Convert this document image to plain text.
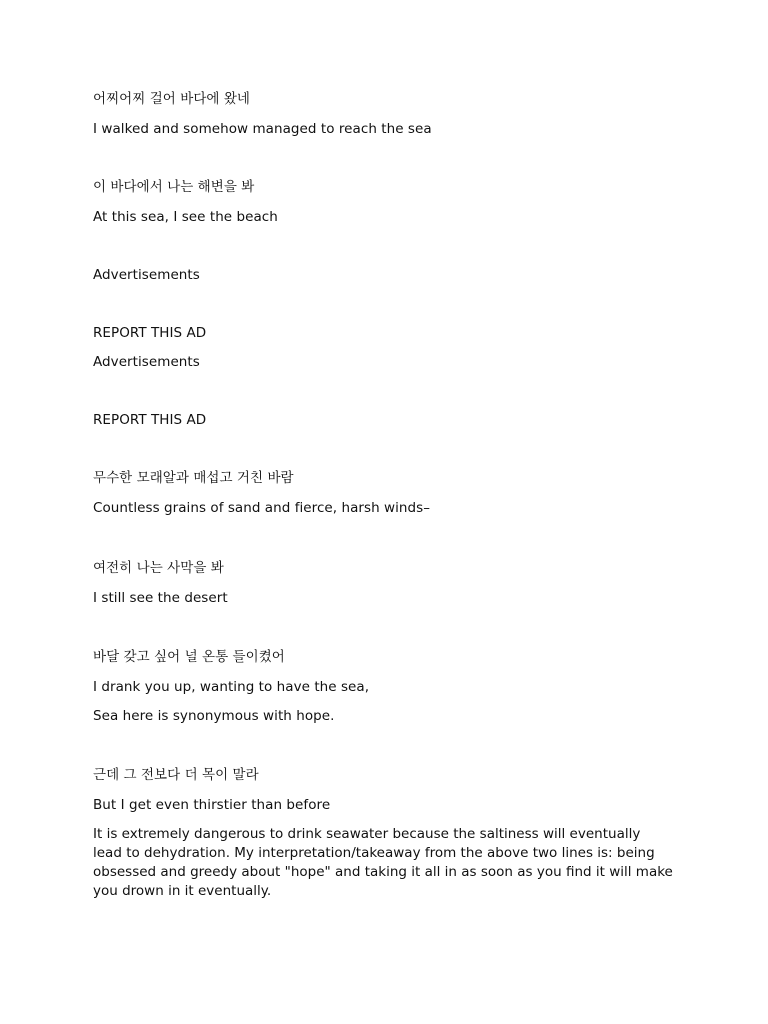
어찌어찌 걸어 바다에 왔네

I walked and somehow managed to reach the sea

이 바다에서 나는 해변을 봐

At this sea, I see the beach

Advertisements

REPORT THIS AD

Advertisements

REPORT THIS AD

무수한 모래알과 매섭고 거친 바람

Countless grains of sand and fierce, harsh winds–

여전히 나는 사막을 봐

I still see the desert

바달 갖고 싶어 널 온통 들이켰어

I drank you up, wanting to have the sea,

Sea here is synonymous with hope.

근데 그 전보다 더 목이 말라

But I get even thirstier than before

It is extremely dangerous to drink seawater because the saltiness will eventually lead to dehydration. My interpretation/takeaway from the above two lines is: being obsessed and greedy about "hope" and taking it all in as soon as you find it will make you drown in it eventually.
